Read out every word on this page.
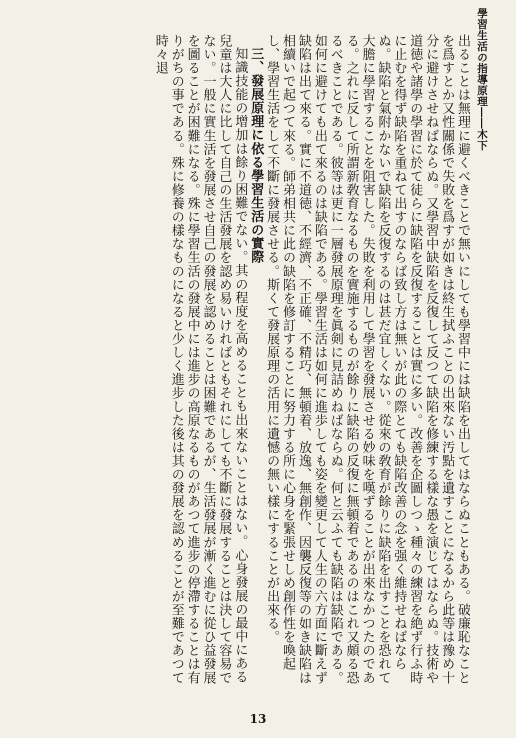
學習生活の指導原理――木下

出ることは無理に避くべきことで無いにしても學習中には缺陷を出してはならぬこともある。破廉恥なことを爲すとか又性關係で失敗を爲すが如きは終生拭ふことの出來ない汚點を遺すことになるから此等は豫め十分に避けさせねばならぬ。又學習中缺陷を反復して反つて缺陷を修練する樣な愚を演じてはならぬ。技術や道徳や諸學の學習に於て徒らに缺陷を反復することは實に多い。改善を企圖しつゝ種々の練習を絶ず行ふ時に止むを得ず缺陷を重ねて出すのならば致し方は無いが此の際とても缺陷改善の念を强く維持せねばならぬ。缺陷と氣附かないで缺陷を反復するのは甚だ宜しくない。從來の敎育が餘りに缺陷を出すことを恐れて大膽に學習することを阻害した。失敗を利用して學習を發展させる妙味を嘆ずることが出來なかつたのである。之れに反して所謂新敎育なるものを實施するものが餘りに缺陷の反復に無頓着であるのはこれ又頗る恐るべきことである。彼等は更に一層發展原理を眞剣に見詰めねばならぬ。何と云ふても缺陷は缺陷である。如何に避けても出て來るのは缺陷である。學習生活は如何に進歩しても姿を變更して人生の六方面に斷えず缺陷は出て來る。實に不道徳、不經濟、不正確、不精巧、無頓着、放逸、無創作、因襲反復等の如き缺陷は相續いで起つて來る。師弟相共に此の缺陷を修訂することに努力する所に心身を緊張せしめ創作性を喚起し、學習生活をして不斷に發展させる。斯くて發展原理の活用に遺憾の無い樣にすることが出來る。

三、發展原理に依る學習生活の實際

知識技能の增加は餘り困難でない。其の程度を高めることも出來ないことはない。心身發展の最中にある兒童は大人に比して自己の生活發展を認め易いければともそれにしても不斷に發展することは決して容易でない。一般に實生活を發展させ自己の發展を認めることは困難であるが、生活發展が漸く進むに從ひ益發展を圖ることが困難になる。殊に學習生活の發展中には進步の高原なるものがあつて進步の停滯することは有りがちの事である。殊に修養の樣なものになると少しく進步した後は其の發展を認めることが至難であつて時々退

13
